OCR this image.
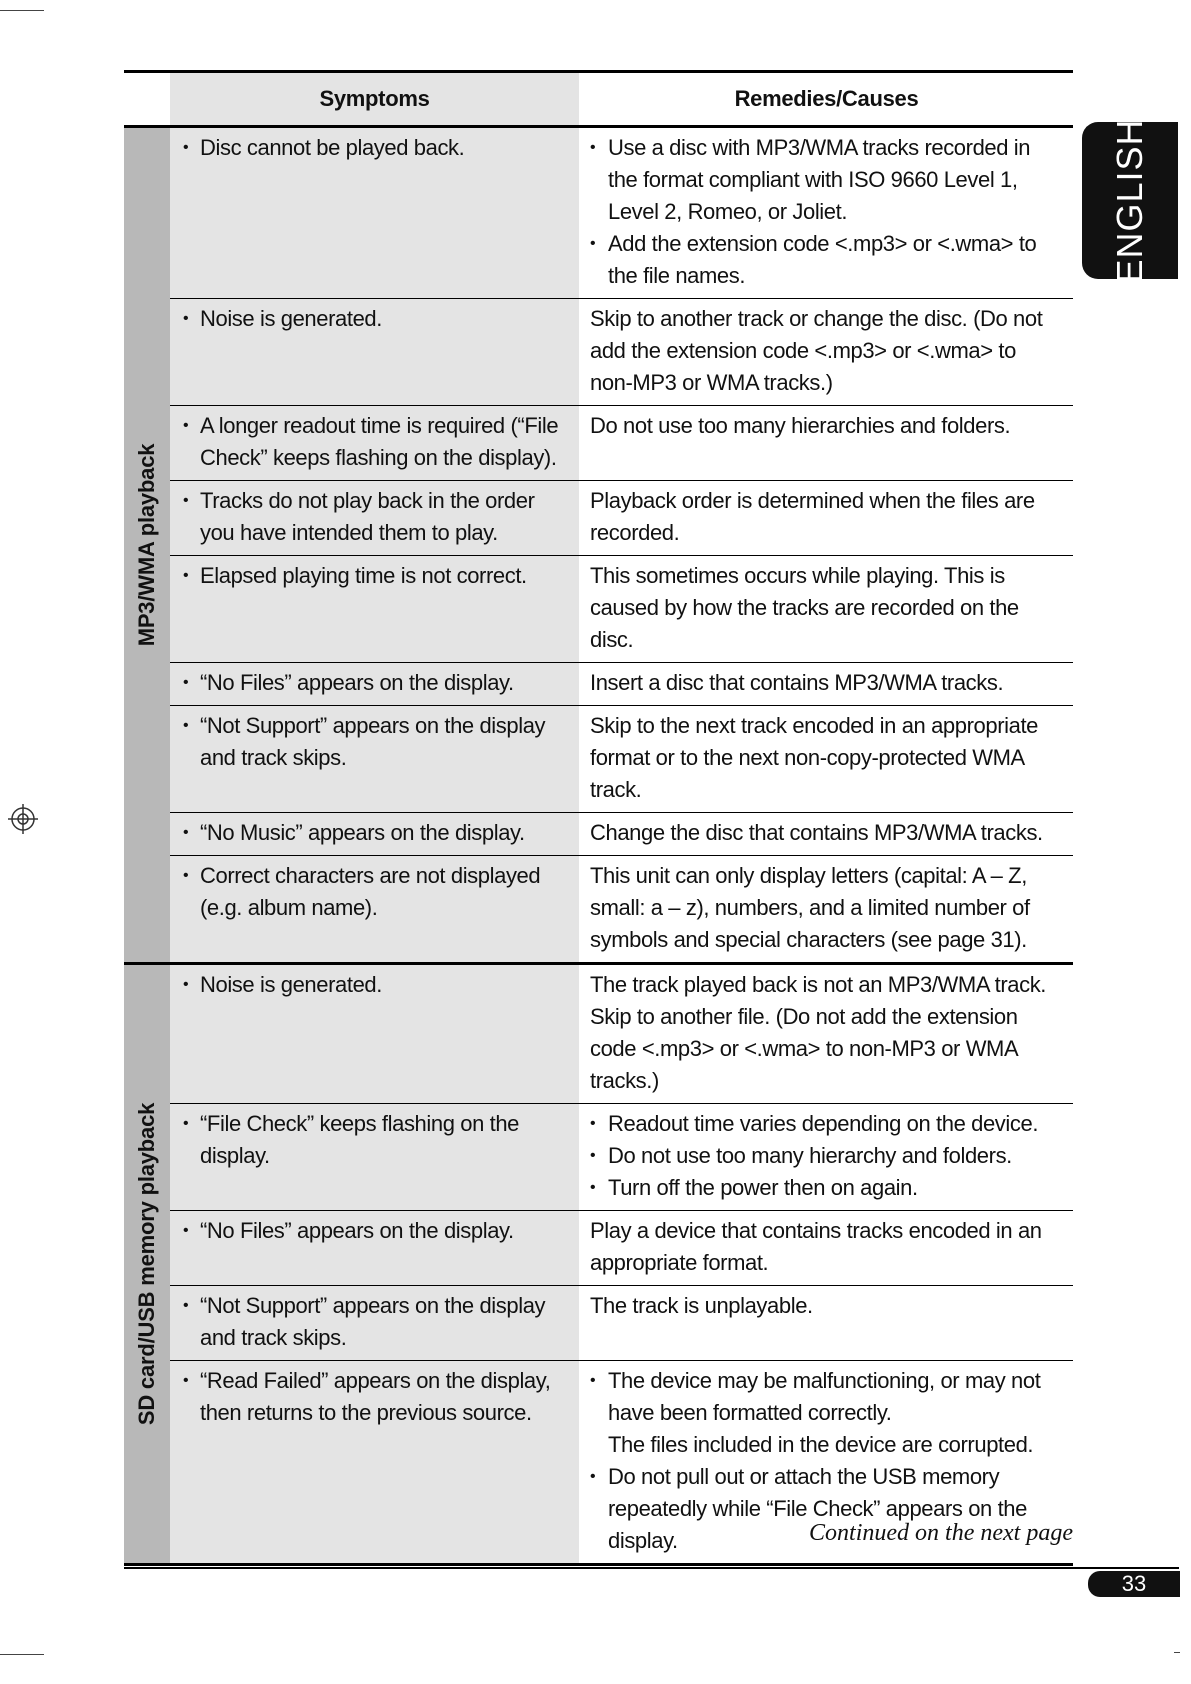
Symptoms	Remedies/Causes
MP3/WMA playback
• Disc cannot be played back.
•	Use a disc with MP3/WMA tracks recorded in the format compliant with ISO 9660 Level 1, Level 2, Romeo, or Joliet.
• Add the extension code <.mp3> or <.wma> to the file names.
• Noise is generated.	Skip to another track or change the disc. (Do not add the extension code <.mp3> or <.wma> to non-MP3 or WMA tracks.)
• A longer readout time is required (“File Check” keeps flashing on the display).
Do not use too many hierarchies and folders.
• Tracks do not play back in the order you have intended them to play.
Playback order is determined when the files are recorded.
• Elapsed playing time is not correct.	This sometimes occurs while playing. This is caused by how the tracks are recorded on the disc.
• “No Files” appears on the display.	Insert a disc that contains MP3/WMA tracks.
• “Not Support” appears on the display and track skips.
Skip to the next track encoded in an appropriate format or to the next non-copy-protected WMA track.
• “No Music” appears on the display.	Change the disc that contains MP3/WMA tracks.
• Correct characters are not displayed (e.g. album name).
This unit can only display letters (capital: A – Z, small: a – z), numbers, and a limited number of symbols and special characters (see page 31).
SD card/USB memory playback
• Noise is generated.	The track played back is not an MP3/WMA track. Skip to another file. (Do not add the extension code <.mp3> or <.wma> to non-MP3 or WMA tracks.)
• “File Check” keeps flashing on the display.
• Readout time varies depending on the device.
• Do not use too many hierarchy and folders.
• Turn off the power then on again.
• “No Files” appears on the display.	Play a device that contains tracks encoded in an appropriate format.
• “Not Support” appears on the display and track skips.
The track is unplayable.
• “Read Failed” appears on the display, then returns to the previous source.
• The device may be malfunctioning, or may not have been formatted correctly.
The files included in the device are corrupted.
• Do not pull out or attach the USB memory repeatedly while “File Check” appears on the display.
ENGLISH
Continued on the next page
33
